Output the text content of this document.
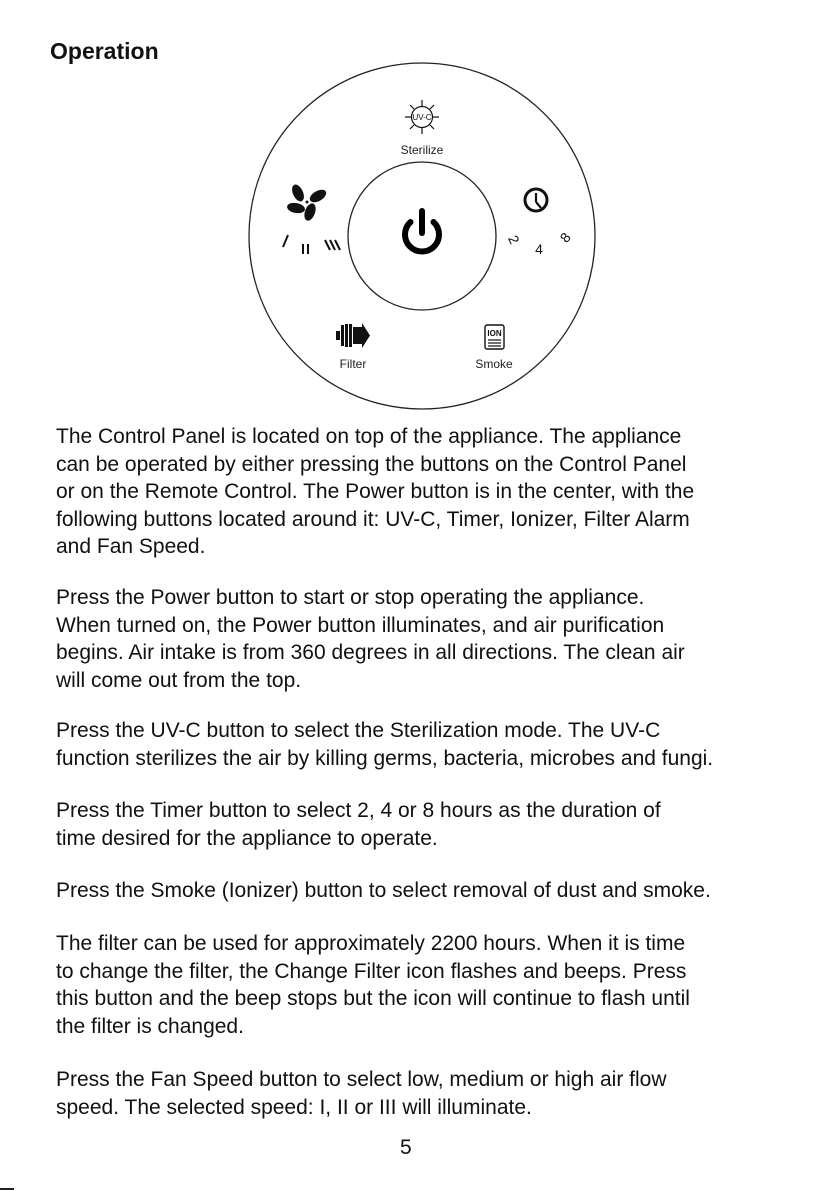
Operation
UV-C
Sterilize
2
4
8
Filter
ION
Smoke

The Control Panel is located on top of the appliance. The appliance
can be operated by either pressing the buttons on the Control Panel
or on the Remote Control. The Power button is in the center, with the
following buttons located around it: UV-C, Timer, Ionizer, Filter Alarm
and Fan Speed.

Press the Power button to start or stop operating the appliance.
When turned on, the Power button illuminates, and air purification
begins. Air intake is from 360 degrees in all directions. The clean air
will come out from the top.

Press the UV-C button to select the Sterilization mode. The UV-C
function sterilizes the air by killing germs, bacteria, microbes and fungi.

Press the Timer button to select 2, 4 or 8 hours as the duration of
time desired for the appliance to operate.

Press the Smoke (Ionizer) button to select removal of dust and smoke.

The filter can be used for approximately 2200 hours. When it is time
to change the filter, the Change Filter icon flashes and beeps. Press
this button and the beep stops but the icon will continue to flash until
the filter is changed.

Press the Fan Speed button to select low, medium or high air flow
speed. The selected speed: I, II or III will illuminate.

5
